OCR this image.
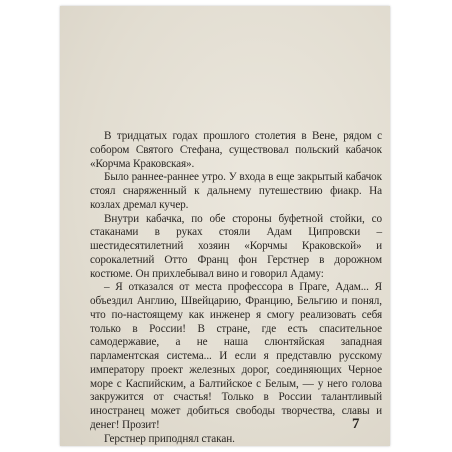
В тридцатых годах прошлого столетия в Вене, рядом с собором Святого Стефана, существовал польский кабачок «Корчма Краковская».

Было раннее-раннее утро. У входа в еще закрытый кабачок стоял снаряженный к дальнему путешествию фиакр. На козлах дремал кучер.

Внутри кабачка, по обе стороны буфетной стойки, со стаканами в руках стояли Адам Ципровски – шестидесятилетний хозяин «Корчмы Краковской» и сорокалетний Отто Франц фон Герстнер в дорожном костюме. Он прихлебывал вино и говорил Адаму:

– Я отказался от места профессора в Праге, Адам... Я объездил Англию, Швейцарию, Францию, Бельгию и понял, что по-настоящему как инженер я смогу реализовать себя только в России! В стране, где есть спасительное самодержавие, а не наша слюнтяйская западная парламентская система... И если я представлю русскому императору проект железных дорог, соединяющих Черное море с Каспийским, а Балтийское с Белым, — у него голова закружится от счастья! Только в России талантливый иностранец может добиться свободы творчества, славы и денег! Прозит!

Герстнер приподнял стакан.

7
